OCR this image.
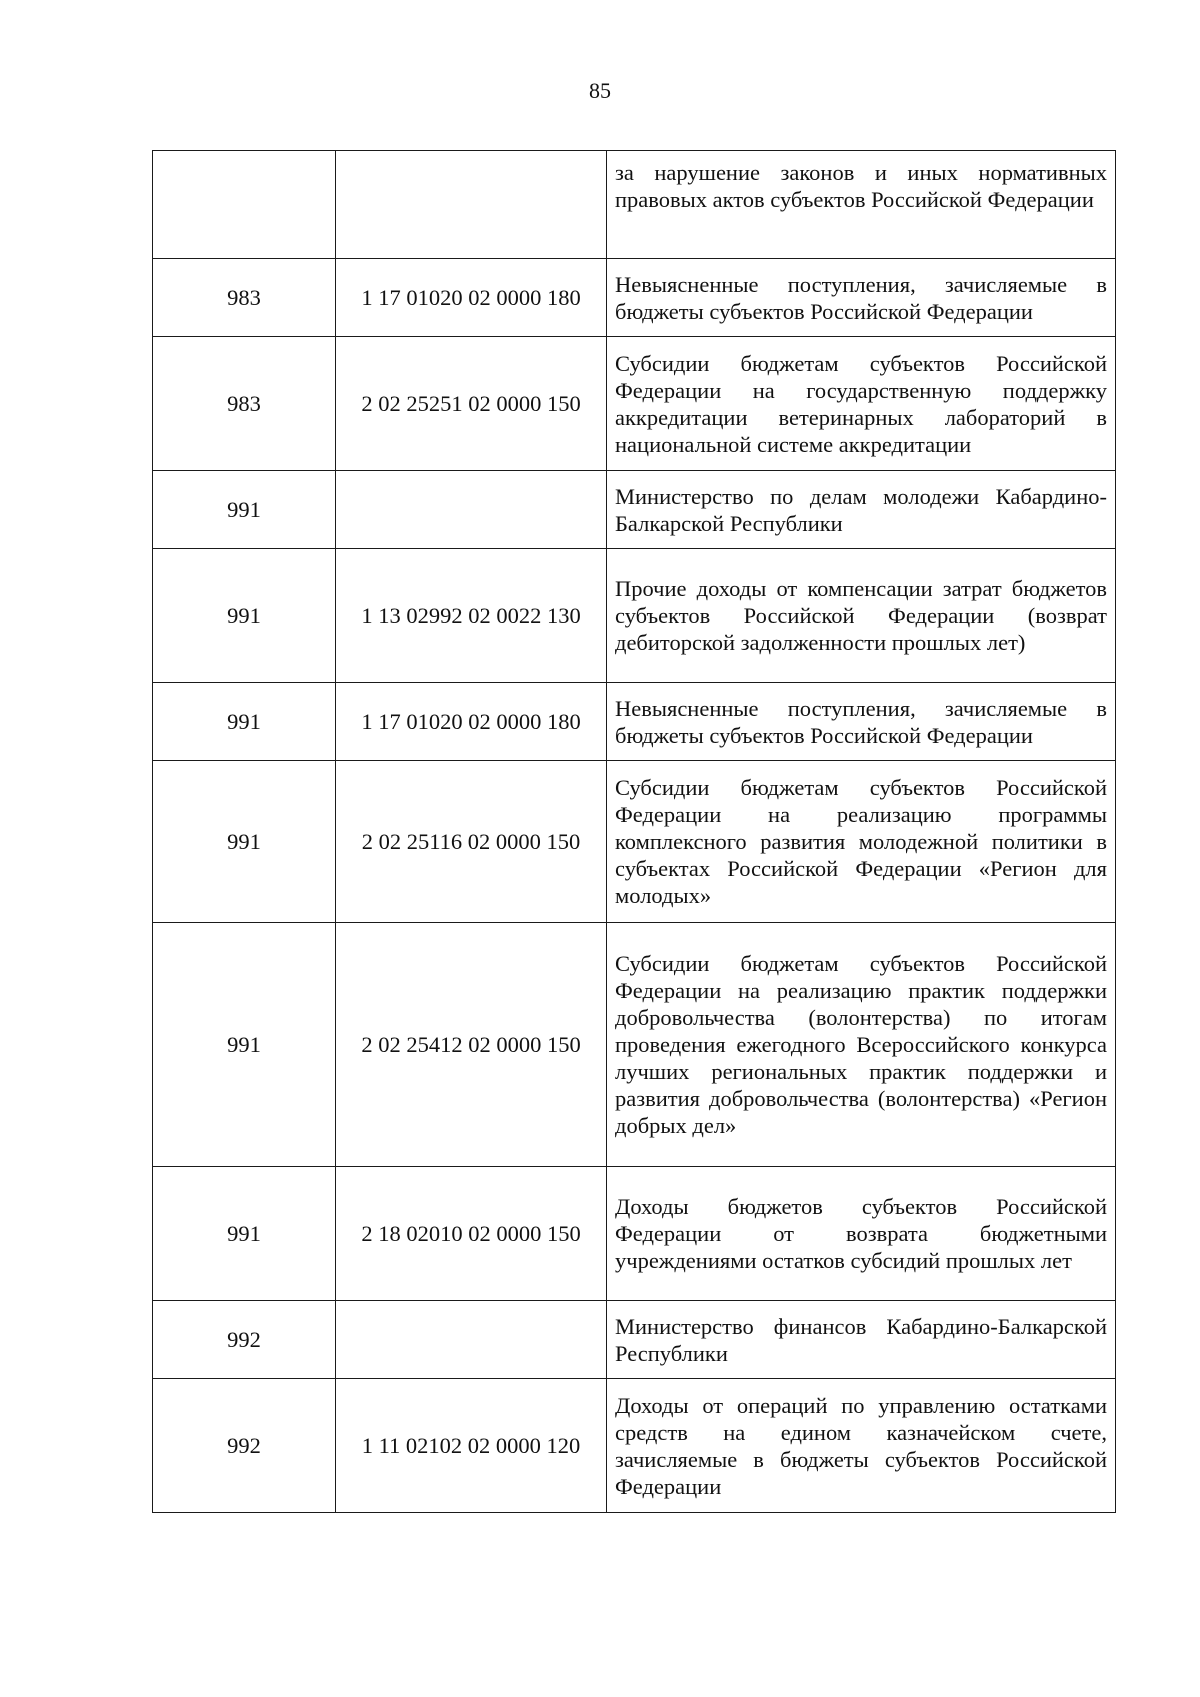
85
		за нарушение законов и иных нормативных правовых актов субъектов Российской Федерации
983	1 17 01020 02 0000 180	Невыясненные поступления, зачисляемые в бюджеты субъектов Российской Федерации
983	2 02 25251 02 0000 150	Субсидии бюджетам субъектов Российской Федерации на государственную поддержку аккредитации ветеринарных лабораторий в национальной системе аккредитации
991		Министерство по делам молодежи Кабардино-Балкарской Республики
991	1 13 02992 02 0022 130	Прочие доходы от компенсации затрат бюджетов субъектов Российской Федерации (возврат дебиторской задолженности прошлых лет)
991	1 17 01020 02 0000 180	Невыясненные поступления, зачисляемые в бюджеты субъектов Российской Федерации
991	2 02 25116 02 0000 150	Субсидии бюджетам субъектов Российской Федерации на реализацию программы комплексного развития молодежной политики в субъектах Российской Федерации «Регион для молодых»
991	2 02 25412 02 0000 150	Субсидии бюджетам субъектов Российской Федерации на реализацию практик поддержки добровольчества (волонтерства) по итогам проведения ежегодного Всероссийского конкурса лучших региональных практик поддержки и развития добровольчества (волонтерства) «Регион добрых дел»
991	2 18 02010 02 0000 150	Доходы бюджетов субъектов Российской Федерации от возврата бюджетными учреждениями остатков субсидий прошлых лет
992		Министерство финансов Кабардино-Балкарской Республики
992	1 11 02102 02 0000 120	Доходы от операций по управлению остатками средств на едином казначейском счете, зачисляемые в бюджеты субъектов Российской Федерации
